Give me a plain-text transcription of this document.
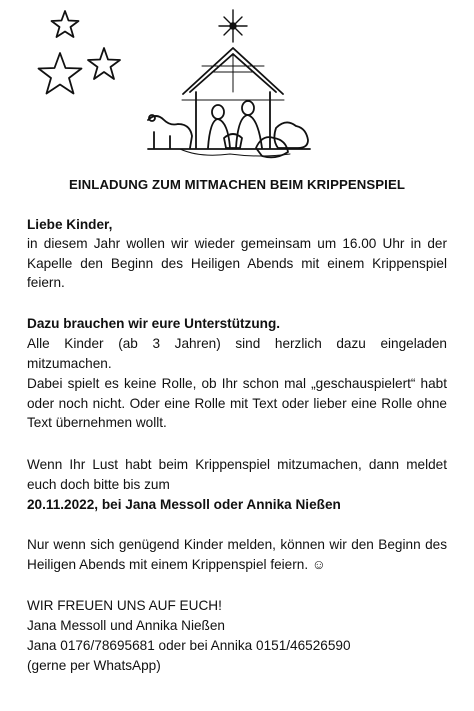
EINLADUNG ZUM MITMACHEN BEIM KRIPPENSPIEL

Liebe Kinder,

in diesem Jahr wollen wir wieder gemeinsam um 16.00 Uhr in der Kapelle den Beginn des Heiligen Abends mit einem Krippenspiel feiern.

Dazu brauchen wir eure Unterstützung.

Alle Kinder (ab 3 Jahren) sind herzlich dazu eingeladen mitzumachen.

Dabei spielt es keine Rolle, ob Ihr schon mal „geschauspielert“ habt oder noch nicht. Oder eine Rolle mit Text oder lieber eine Rolle ohne Text übernehmen wollt.

Wenn Ihr Lust habt beim Krippenspiel mitzumachen, dann meldet euch doch bitte bis zum

20.11.2022, bei Jana Messoll oder Annika Nießen

Nur wenn sich genügend Kinder melden, können wir den Beginn des Heiligen Abends mit einem Krippenspiel feiern. ☺

WIR FREUEN UNS AUF EUCH!

Jana Messoll und Annika Nießen

Jana 0176/78695681 oder bei Annika 0151/46526590

(gerne per WhatsApp)
